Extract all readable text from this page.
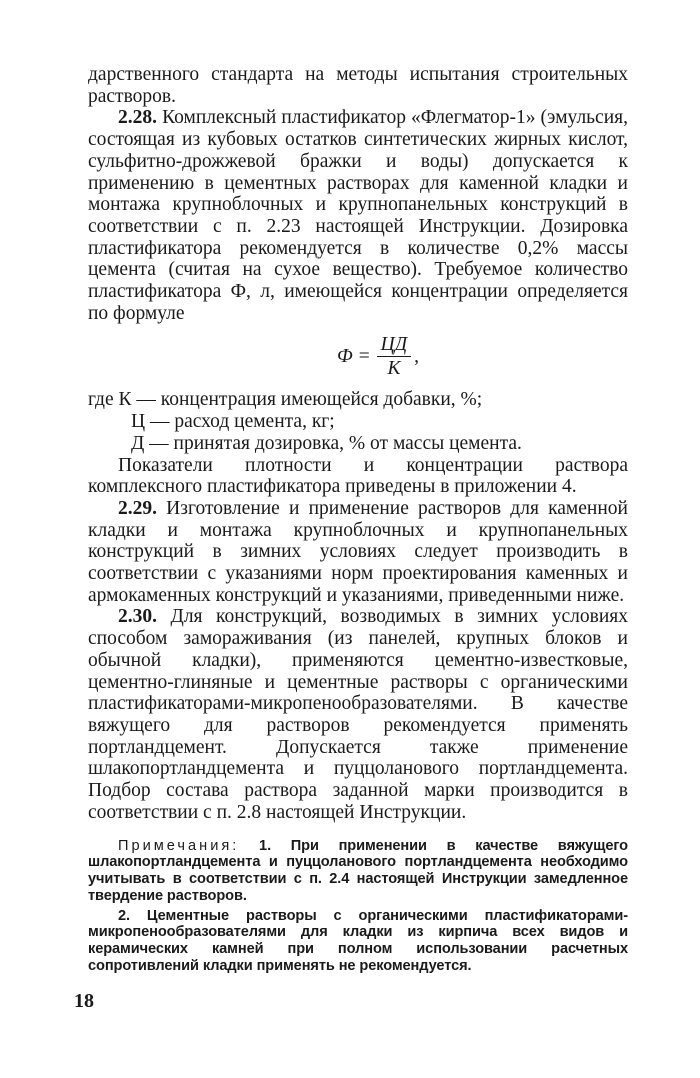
дарственного стандарта на методы испытания строительных растворов.

2.28. Комплексный пластификатор «Флегматор-1» (эмульсия, состоящая из кубовых остатков синтетических жирных кислот, сульфитно-дрожжевой бражки и воды) допускается к применению в цементных растворах для каменной кладки и монтажа крупноблочных и крупнопанельных конструкций в соответствии с п. 2.23 настоящей Инструкции. Дозировка пластификатора рекомендуется в количестве 0,2% массы цемента (считая на сухое вещество). Требуемое количество пластификатора Ф, л, имеющейся концентрации определяется по формуле

$Ф = \frac{ЦД}{К}$ ,

где К — концентрация имеющейся добавки, %;

Ц — расход цемента, кг;

Д — принятая дозировка, % от массы цемента.

Показатели плотности и концентрации раствора комплексного пластификатора приведены в приложении 4.

2.29. Изготовление и применение растворов для каменной кладки и монтажа крупноблочных и крупнопанельных конструкций в зимних условиях следует производить в соответствии с указаниями норм проектирования каменных и армокаменных конструкций и указаниями, приведенными ниже.

2.30. Для конструкций, возводимых в зимних условиях способом замораживания (из панелей, крупных блоков и обычной кладки), применяются цементно-известковые, цементно-глиняные и цементные растворы с органическими пластификаторами-микропенообразователями. В качестве вяжущего для растворов рекомендуется применять портландцемент. Допускается также применение шлакопортландцемента и пуццоланового портландцемента. Подбор состава раствора заданной марки производится в соответствии с п. 2.8 настоящей Инструкции.

Примечания: 1. При применении в качестве вяжущего шлакопортландцемента и пуццоланового портландцемента необходимо учитывать в соответствии с п. 2.4 настоящей Инструкции замедленное твердение растворов.

2. Цементные растворы с органическими пластификаторами-микропенообразователями для кладки из кирпича всех видов и керамических камней при полном использовании расчетных сопротивлений кладки применять не рекомендуется.

18
